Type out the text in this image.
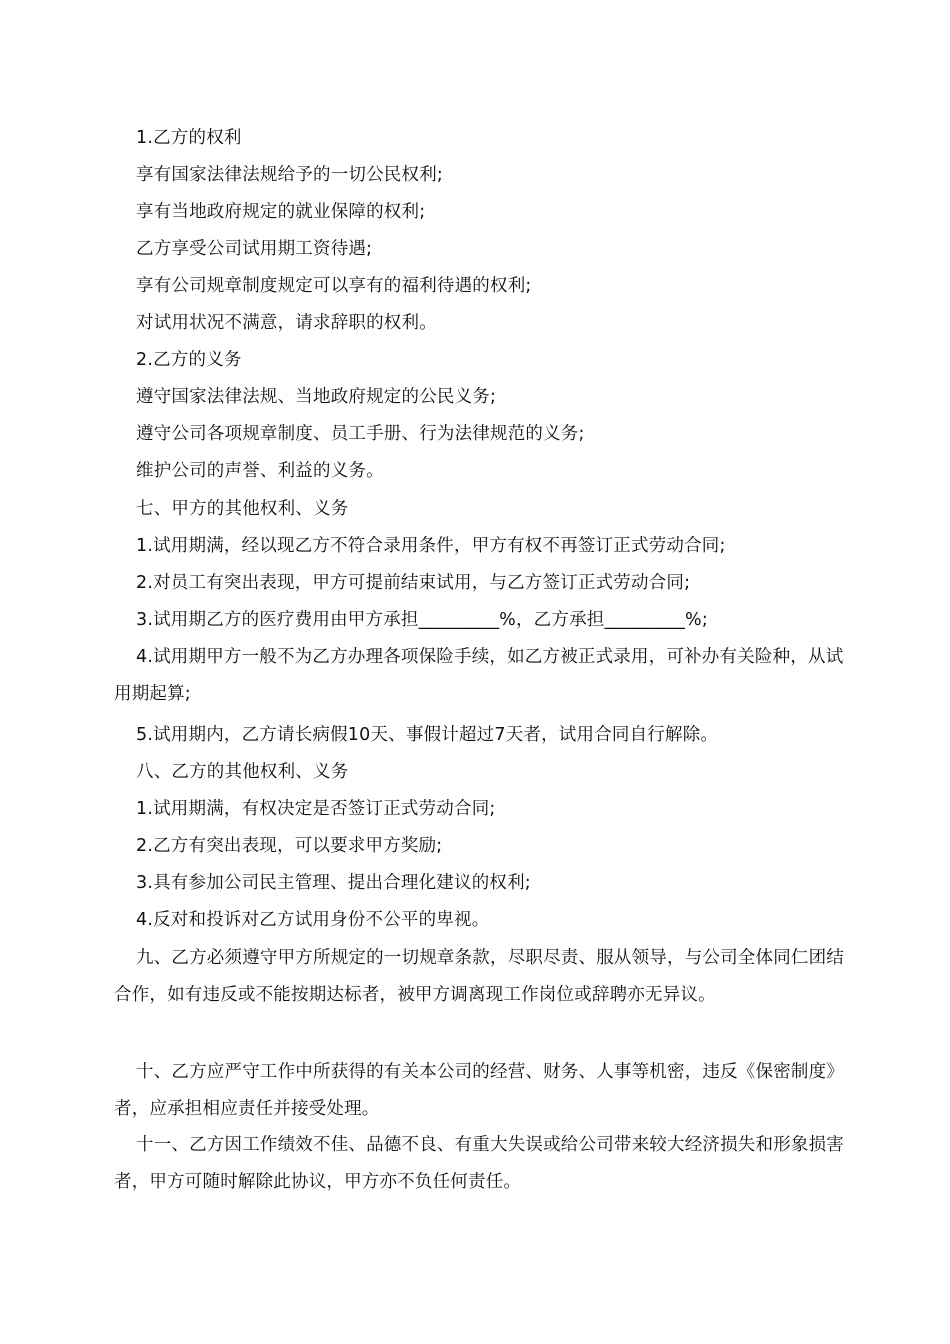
1.乙方的权利

享有国家法律法规给予的一切公民权利;

享有当地政府规定的就业保障的权利;

乙方享受公司试用期工资待遇;

享有公司规章制度规定可以享有的福利待遇的权利;

对试用状况不满意，请求辞职的权利。

2.乙方的义务

遵守国家法律法规、当地政府规定的公民义务;

遵守公司各项规章制度、员工手册、行为法律规范的义务;

维护公司的声誉、利益的义务。

七、甲方的其他权利、义务

1.试用期满，经以现乙方不符合录用条件，甲方有权不再签订正式劳动合同;

2.对员工有突出表现，甲方可提前结束试用，与乙方签订正式劳动合同;

3.试用期乙方的医疗费用由甲方承担_________%，乙方承担_________%;

4.试用期甲方一般不为乙方办理各项保险手续，如乙方被正式录用，可补办有关险种，从试用期起算;

5.试用期内，乙方请长病假10天、事假计超过7天者，试用合同自行解除。

八、乙方的其他权利、义务

1.试用期满，有权决定是否签订正式劳动合同;

2.乙方有突出表现，可以要求甲方奖励;

3.具有参加公司民主管理、提出合理化建议的权利;

4.反对和投诉对乙方试用身份不公平的卑视。

九、乙方必须遵守甲方所规定的一切规章条款，尽职尽责、服从领导，与公司全体同仁团结合作，如有违反或不能按期达标者，被甲方调离现工作岗位或辞聘亦无异议。

十、乙方应严守工作中所获得的有关本公司的经营、财务、人事等机密，违反《保密制度》者，应承担相应责任并接受处理。

十一、乙方因工作绩效不佳、品德不良、有重大失误或给公司带来较大经济损失和形象损害者，甲方可随时解除此协议，甲方亦不负任何责任。
